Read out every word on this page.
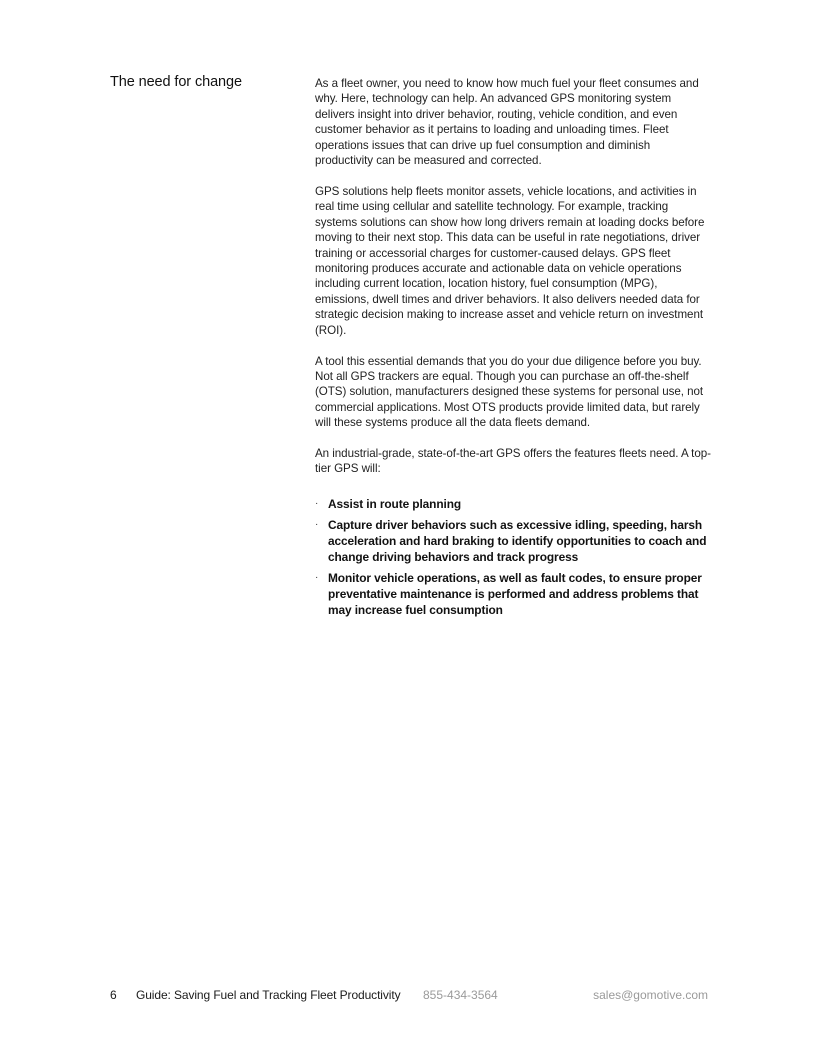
The need for change	As a fleet owner, you need to know how much fuel your fleet consumes and why. Here, technology can help. An advanced GPS monitoring system delivers insight into driver behavior, routing, vehicle condition, and even customer behavior as it pertains to loading and unloading times. Fleet operations issues that can drive up fuel consumption and diminish productivity can be measured and corrected.

GPS solutions help fleets monitor assets, vehicle locations, and activities in real time using cellular and satellite technology. For example, tracking systems solutions can show how long drivers remain at loading docks before moving to their next stop. This data can be useful in rate negotiations, driver training or accessorial charges for customer-caused delays. GPS fleet monitoring produces accurate and actionable data on vehicle operations including current location, location history, fuel consumption (MPG), emissions, dwell times and driver behaviors. It also delivers needed data for strategic decision making to increase asset and vehicle return on investment (ROI).

A tool this essential demands that you do your due diligence before you buy. Not all GPS trackers are equal. Though you can purchase an off-the-shelf (OTS) solution, manufacturers designed these systems for personal use, not commercial applications. Most OTS products provide limited data, but rarely will these systems produce all the data fleets demand.

An industrial-grade, state-of-the-art GPS offers the features fleets need. A top-tier GPS will:

· Assist in route planning
· Capture driver behaviors such as excessive idling, speeding, harsh acceleration and hard braking to identify opportunities to coach and change driving behaviors and track progress
· Monitor vehicle operations, as well as fault codes, to ensure proper preventative maintenance is performed and address problems that may increase fuel consumption
6 Guide: Saving Fuel and Tracking Fleet Productivity 855-434-3564	sales@gomotive.com
